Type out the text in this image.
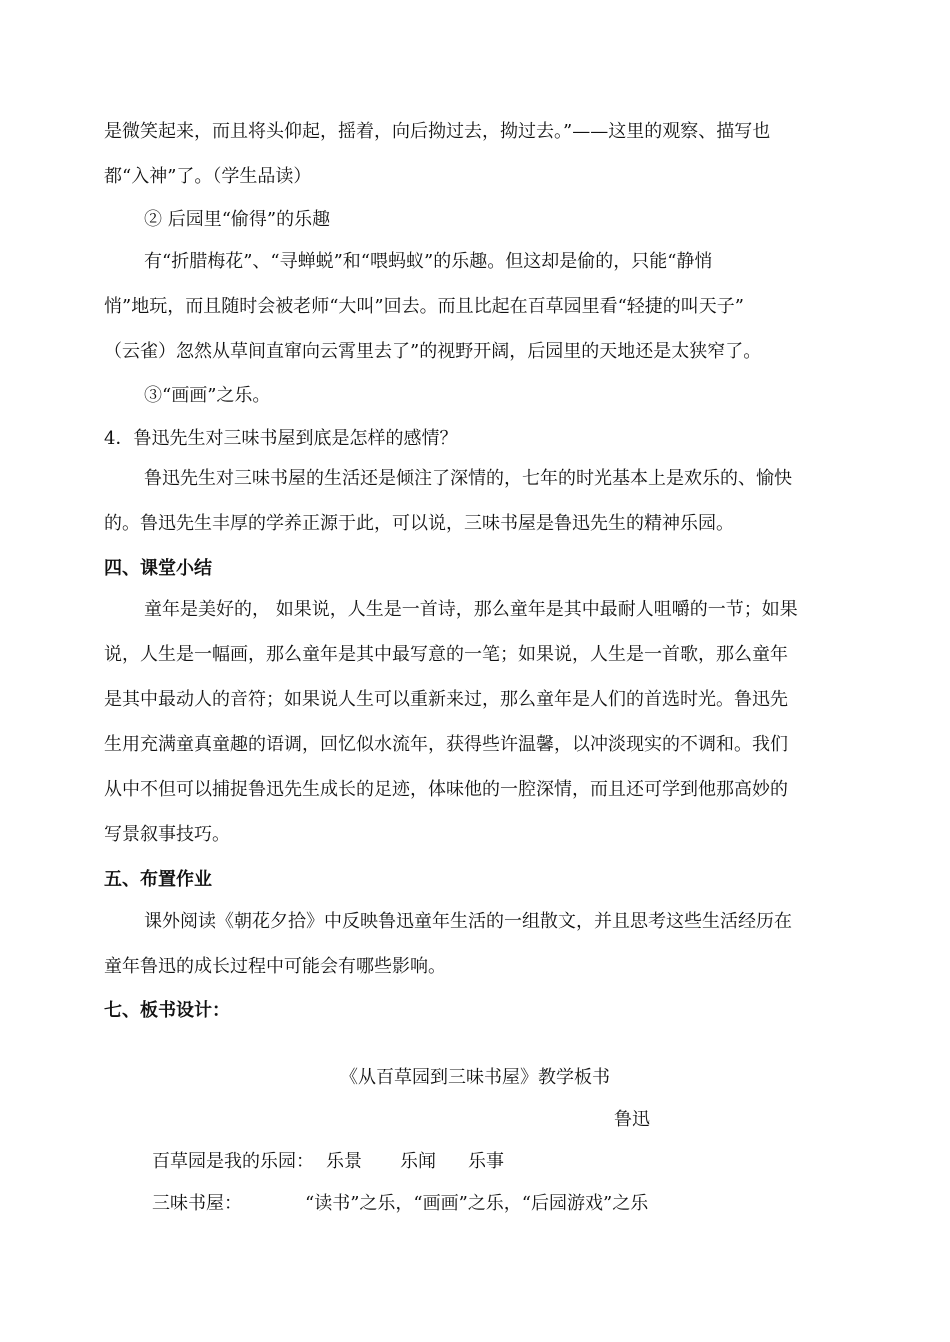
是微笑起来，而且将头仰起，摇着，向后拗过去，拗过去。”——这里的观察、描写也
都“入神”了。（学生品读）
② 后园里“偷得”的乐趣
有“折腊梅花”、“寻蝉蜕”和“喂蚂蚁”的乐趣。但这却是偷的，只能“静悄
悄”地玩，而且随时会被老师“大叫”回去。而且比起在百草园里看“轻捷的叫天子”
（云雀）忽然从草间直窜向云霄里去了”的视野开阔，后园里的天地还是太狭窄了。
③“画画”之乐。
4．鲁迅先生对三味书屋到底是怎样的感情？
鲁迅先生对三味书屋的生活还是倾注了深情的，七年的时光基本上是欢乐的、愉快
的。鲁迅先生丰厚的学养正源于此，可以说，三味书屋是鲁迅先生的精神乐园。
四、课堂小结
童年是美好的， 如果说，人生是一首诗，那么童年是其中最耐人咀嚼的一节；如果
说，人生是一幅画，那么童年是其中最写意的一笔；如果说，人生是一首歌，那么童年
是其中最动人的音符；如果说人生可以重新来过，那么童年是人们的首选时光。鲁迅先
生用充满童真童趣的语调，回忆似水流年，获得些许温馨，以冲淡现实的不调和。我们
从中不但可以捕捉鲁迅先生成长的足迹，体味他的一腔深情，而且还可学到他那高妙的
写景叙事技巧。
五、布置作业
课外阅读《朝花夕拾》中反映鲁迅童年生活的一组散文，并且思考这些生活经历在
童年鲁迅的成长过程中可能会有哪些影响。
七、板书设计：
《从百草园到三味书屋》教学板书
鲁迅
百草园是我的乐园： 乐景 乐闻 乐事
三味书屋：	“读书”之乐，“画画”之乐，“后园游戏”之乐
